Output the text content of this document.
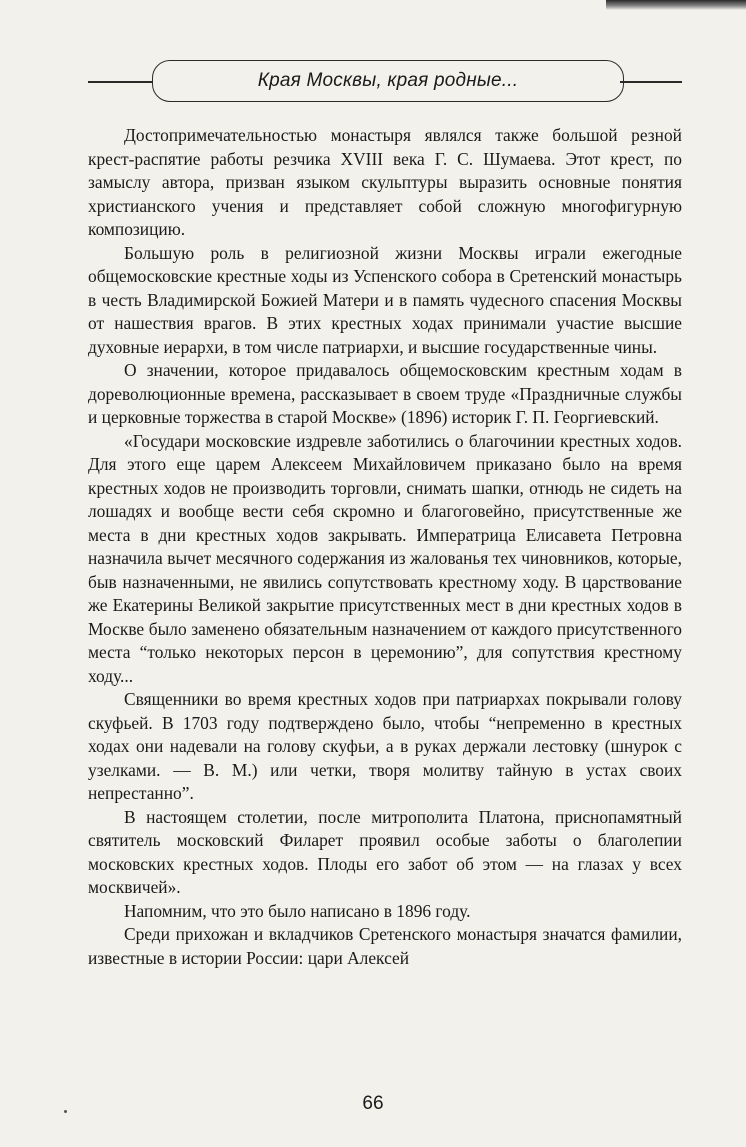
Края Москвы, края родные...

Достопримечательностью монастыря являлся также большой резной крест-распятие работы резчика XVIII века Г. С. Шумаева. Этот крест, по замыслу автора, призван языком скульптуры выразить основные понятия христианского учения и представляет собой сложную многофигурную композицию.

Большую роль в религиозной жизни Москвы играли ежегодные общемосковские крестные ходы из Успенского собора в Сретенский монастырь в честь Владимирской Божией Матери и в память чудесного спасения Москвы от нашествия врагов. В этих крестных ходах принимали участие высшие духовные иерархи, в том числе патриархи, и высшие государственные чины.

О значении, которое придавалось общемосковским крестным ходам в дореволюционные времена, рассказывает в своем труде «Праздничные службы и церковные торжества в старой Москве» (1896) историк Г. П. Георгиевский.

«Государи московские издревле заботились о благочинии крестных ходов. Для этого еще царем Алексеем Михайловичем приказано было на время крестных ходов не производить торговли, снимать шапки, отнюдь не сидеть на лошадях и вообще вести себя скромно и благоговейно, присутственные же места в дни крестных ходов закрывать. Императрица Елисавета Петровна назначила вычет месячного содержания из жалованья тех чиновников, которые, быв назначенными, не явились сопутствовать крестному ходу. В царствование же Екатерины Великой закрытие присутственных мест в дни крестных ходов в Москве было заменено обязательным назначением от каждого присутственного места “только некоторых персон в церемонию”, для сопутствия крестному ходу...

Священники во время крестных ходов при патриархах покрывали голову скуфьей. В 1703 году подтверждено было, чтобы “непременно в крестных ходах они надевали на голову скуфьи, а в руках держали лестовку (шнурок с узелками. — В. М.) или четки, творя молитву тайную в устах своих непрестанно”.

В настоящем столетии, после митрополита Платона, приснопамятный святитель московский Филарет проявил особые заботы о благолепии московских крестных ходов. Плоды его забот об этом — на глазах у всех москвичей».

Напомним, что это было написано в 1896 году.

Среди прихожан и вкладчиков Сретенского монастыря значатся фамилии, известные в истории России: цари Алексей

66
